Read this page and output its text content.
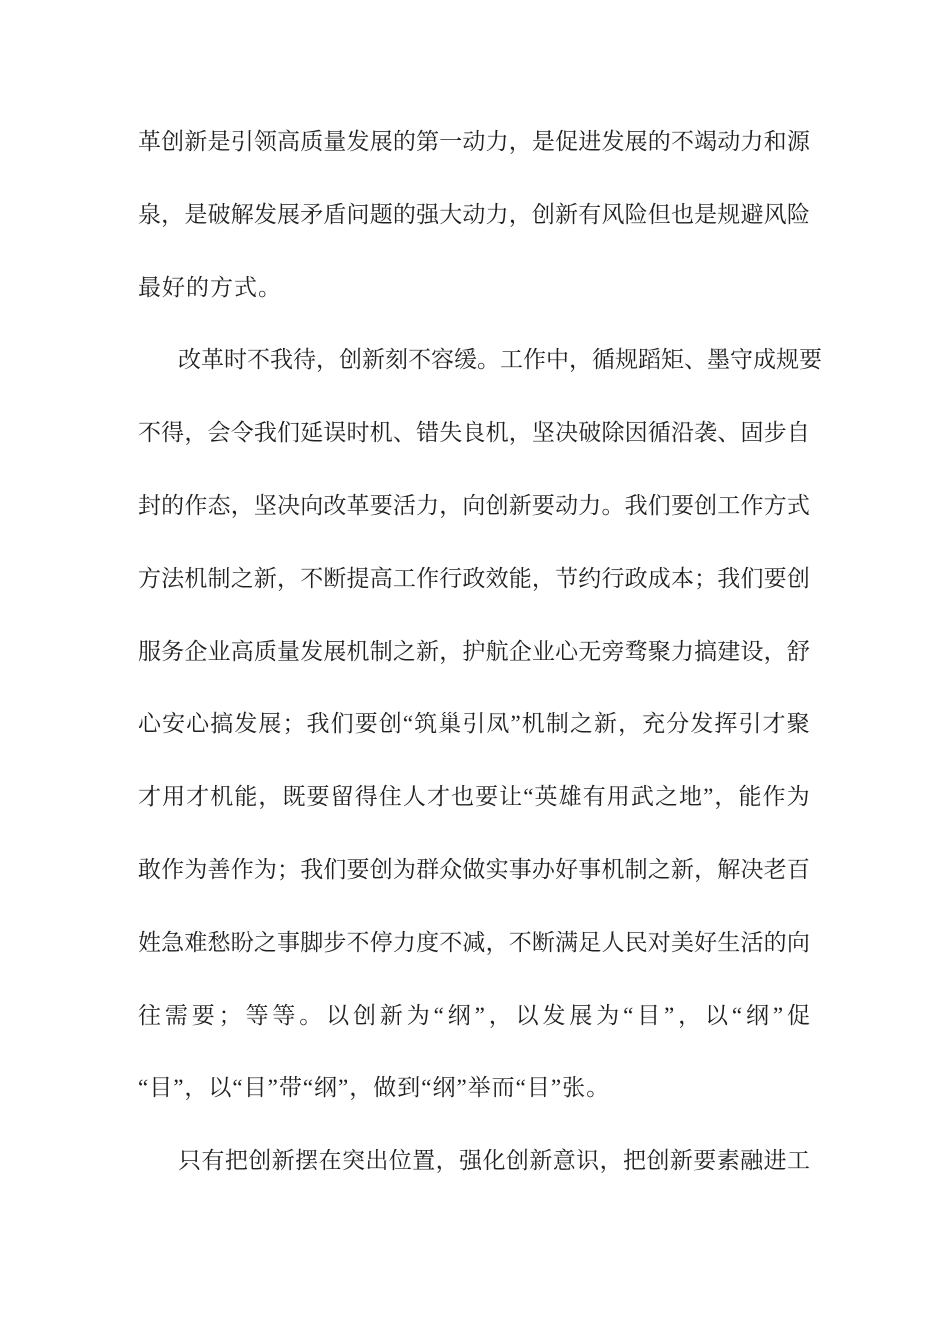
革 创 新 是 引 领 高 质 量 发 展 的 第 一 动 力 ， 是 促 进 发 展 的 不 竭 动 力 和 源
泉 ， 是 破 解 发 展 矛 盾 问 题 的 强 大 动 力 ， 创 新 有 风 险 但 也 是 规 避 风 险
最好的方式。
改 革 时 不 我 待 ， 创 新 刻 不 容 缓 。 工 作 中 ， 循 规 蹈 矩 、 墨 守 成 规 要
不 得 ， 会 令 我 们 延 误 时 机 、 错 失 良 机 ， 坚 决 破 除 因 循 沿 袭 、 固 步 自
封 的 作 态 ， 坚 决 向 改 革 要 活 力 ， 向 创 新 要 动 力 。 我 们 要 创 工 作 方 式
方 法 机 制 之 新 ， 不 断 提 高 工 作 行 政 效 能 ， 节 约 行 政 成 本 ； 我 们 要 创
服 务 企 业 高 质 量 发 展 机 制 之 新 ， 护 航 企 业 心 无 旁 骛 聚 力 搞 建 设 ， 舒
心 安 心 搞 发 展 ； 我 们 要 创 “ 筑 巢 引 凤 ” 机 制 之 新 ， 充 分 发 挥 引 才 聚
才 用 才 机 能 ， 既 要 留 得 住 人 才 也 要 让 “ 英 雄 有 用 武 之 地 ” ， 能 作 为
敢 作 为 善 作 为 ； 我 们 要 创 为 群 众 做 实 事 办 好 事 机 制 之 新 ， 解 决 老 百
姓 急 难 愁 盼 之 事 脚 步 不 停 力 度 不 减 ， 不 断 满 足 人 民 对 美 好 生 活 的 向
往 需 要 ； 等 等 。 以 创 新 为 “ 纲 ” ， 以 发 展 为 “ 目 ” ， 以 “ 纲 ” 促
“目”，以“目”带“纲”，做到“纲”举而“目”张。
只 有 把 创 新 摆 在 突 出 位 置 ， 强 化 创 新 意 识 ， 把 创 新 要 素 融 进 工
